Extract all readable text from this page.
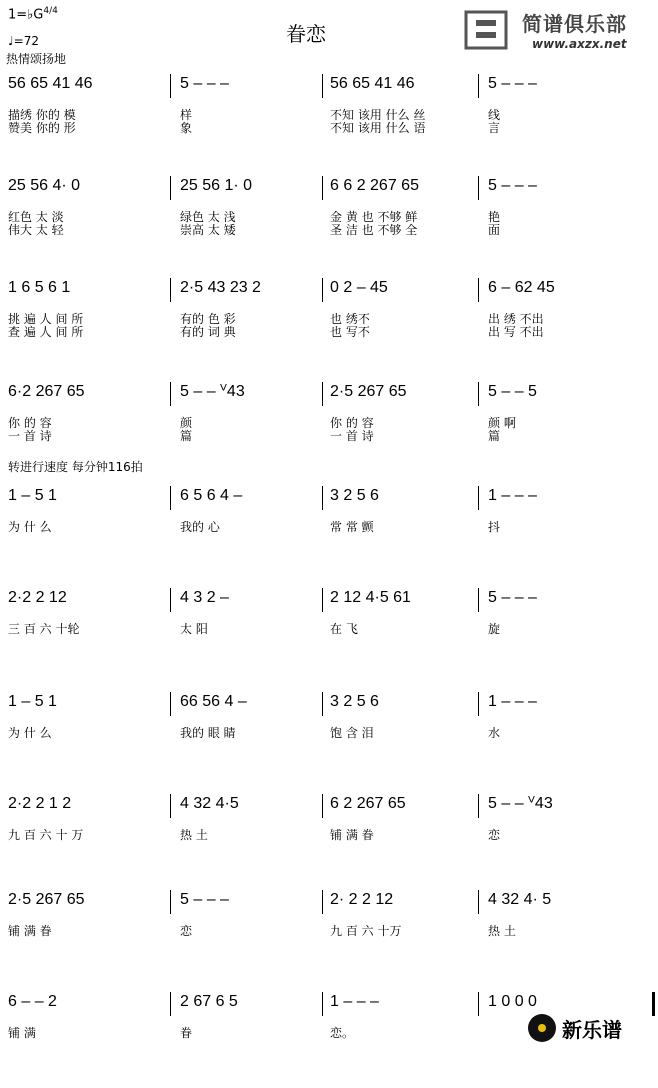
$1=♭G^{4/4}$
♩=72
热情颂扬地
眷恋	简谱俱乐部
www.axzx.net
56 65 41 46
描绣 你的 模
赞美 你的 形
5 – – –
样
象
56 65 41 46
不知 该用 什么 丝
不知 该用 什么 语
5 – – –
线
言
25 56 4· 0
红色 太 淡
伟大 太 轻
25 56 1· 0
绿色 太 浅
崇高 太 矮
6 6 2 267 65
金 黄 也 不够 鲜
圣 洁 也 不够 全
5 – – –
艳
面
1 6 5 6 1
挑 遍 人 间 所
查 遍 人 间 所
2·5 43 23 2
有的 色 彩
有的 词 典
0 2 – 45
也 绣不
也 写不
6 – 62 45
出 绣 不出
出 写 不出
6·2 267 65
你 的 容
一 首 诗
5 – – ⱽ43
颜
篇
2·5 267 65
你 的 容
一 首 诗
5 – – 5
颜 啊
篇
1 – 5 1
为 什 么
6 5 6 4 –
我的 心
3 2 5 6
常 常 颤
1 – – –
抖
2·2 2 12
三 百 六 十轮
4 3 2 –
太 阳
2 12 4·5 61
在 飞
5 – – –
旋
1 – 5 1
为 什 么
66 56 4 –
我的 眼 睛
3 2 5 6
饱 含 泪
1 – – –
水
2·2 2 1 2
九 百 六 十 万
4 32 4·5
热 土
6 2 267 65
铺 满 眷
5 – – ⱽ43
恋
2·5 267 65
铺 满 眷
5 – – –
恋
2· 2 2 12
九 百 六 十万
4 32 4· 5
热 土
6 – – 2
铺 满
2 67 6 5
眷
1 – – –
恋。
1 0 0 0
转进行速度 每分钟116拍
新乐谱
